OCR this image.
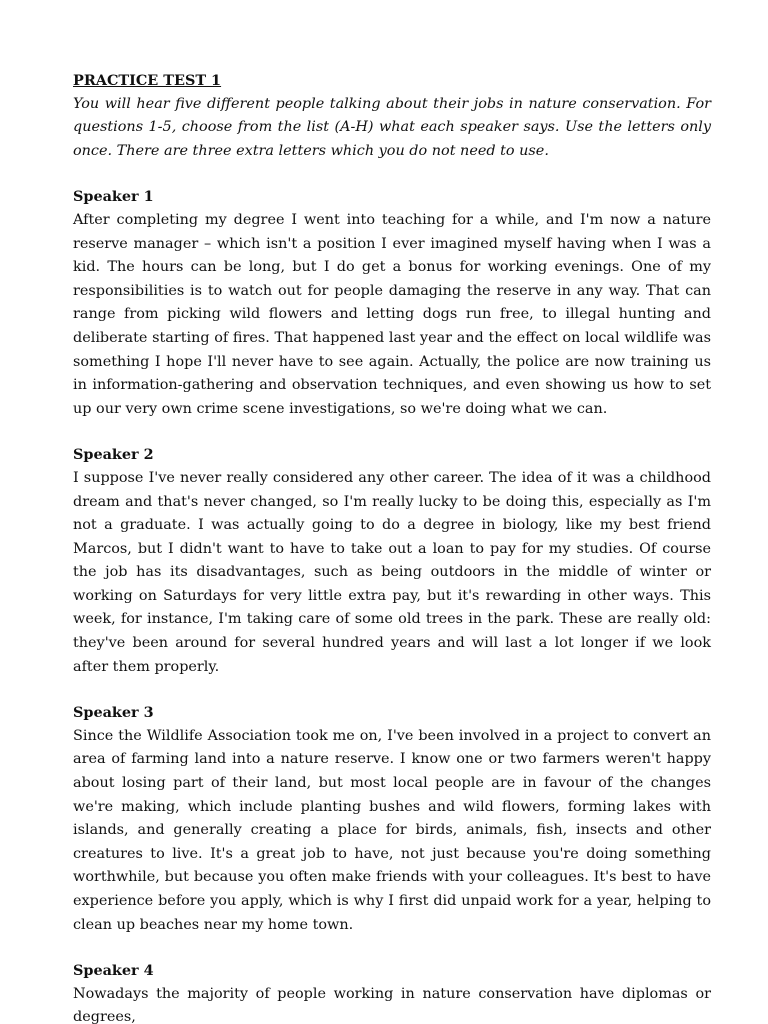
PRACTICE TEST 1

You will hear five different people talking about their jobs in nature conservation. For questions 1-5, choose from the list (A-H) what each speaker says. Use the letters only once. There are three extra letters which you do not need to use.

Speaker 1

After completing my degree I went into teaching for a while, and I'm now a nature reserve manager – which isn't a position I ever imagined myself having when I was a kid. The hours can be long, but I do get a bonus for working evenings. One of my responsibilities is to watch out for people damaging the reserve in any way. That can range from picking wild flowers and letting dogs run free, to illegal hunting and deliberate starting of fires. That happened last year and the effect on local wildlife was something I hope I'll never have to see again. Actually, the police are now training us in information-gathering and observation techniques, and even showing us how to set up our very own crime scene investigations, so we're doing what we can.

Speaker 2

I suppose I've never really considered any other career. The idea of it was a childhood dream and that's never changed, so I'm really lucky to be doing this, especially as I'm not a graduate. I was actually going to do a degree in biology, like my best friend Marcos, but I didn't want to have to take out a loan to pay for my studies. Of course the job has its disadvantages, such as being outdoors in the middle of winter or working on Saturdays for very little extra pay, but it's rewarding in other ways. This week, for instance, I'm taking care of some old trees in the park. These are really old: they've been around for several hundred years and will last a lot longer if we look after them properly.

Speaker 3

Since the Wildlife Association took me on, I've been involved in a project to convert an area of farming land into a nature reserve. I know one or two farmers weren't happy about losing part of their land, but most local people are in favour of the changes we're making, which include planting bushes and wild flowers, forming lakes with islands, and generally creating a place for birds, animals, fish, insects and other creatures to live. It's a great job to have, not just because you're doing something worthwhile, but because you often make friends with your colleagues. It's best to have experience before you apply, which is why I first did unpaid work for a year, helping to clean up beaches near my home town.

Speaker 4

Nowadays the majority of people working in nature conservation have diplomas or degrees,
